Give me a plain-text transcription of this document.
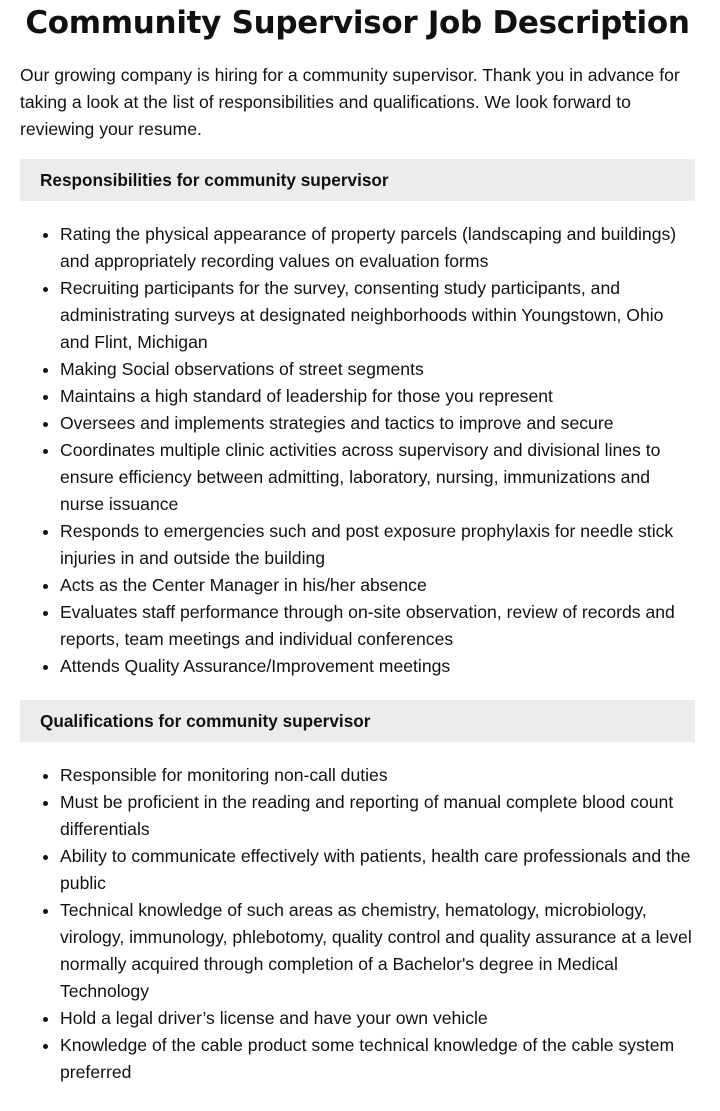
Community Supervisor Job Description

Our growing company is hiring for a community supervisor. Thank you in advance for taking a look at the list of responsibilities and qualifications. We look forward to reviewing your resume.

Responsibilities for community supervisor
• Rating the physical appearance of property parcels (landscaping and buildings) and appropriately recording values on evaluation forms
• Recruiting participants for the survey, consenting study participants, and administrating surveys at designated neighborhoods within Youngstown, Ohio and Flint, Michigan
• Making Social observations of street segments
• Maintains a high standard of leadership for those you represent
• Oversees and implements strategies and tactics to improve and secure
• Coordinates multiple clinic activities across supervisory and divisional lines to ensure efficiency between admitting, laboratory, nursing, immunizations and nurse issuance
• Responds to emergencies such and post exposure prophylaxis for needle stick injuries in and outside the building
• Acts as the Center Manager in his/her absence
• Evaluates staff performance through on-site observation, review of records and reports, team meetings and individual conferences
• Attends Quality Assurance/Improvement meetings
Qualifications for community supervisor
• Responsible for monitoring non-call duties
• Must be proficient in the reading and reporting of manual complete blood count differentials
• Ability to communicate effectively with patients, health care professionals and the public
• Technical knowledge of such areas as chemistry, hematology, microbiology, virology, immunology, phlebotomy, quality control and quality assurance at a level normally acquired through completion of a Bachelor's degree in Medical Technology
• Hold a legal driver’s license and have your own vehicle
• Knowledge of the cable product some technical knowledge of the cable system preferred
